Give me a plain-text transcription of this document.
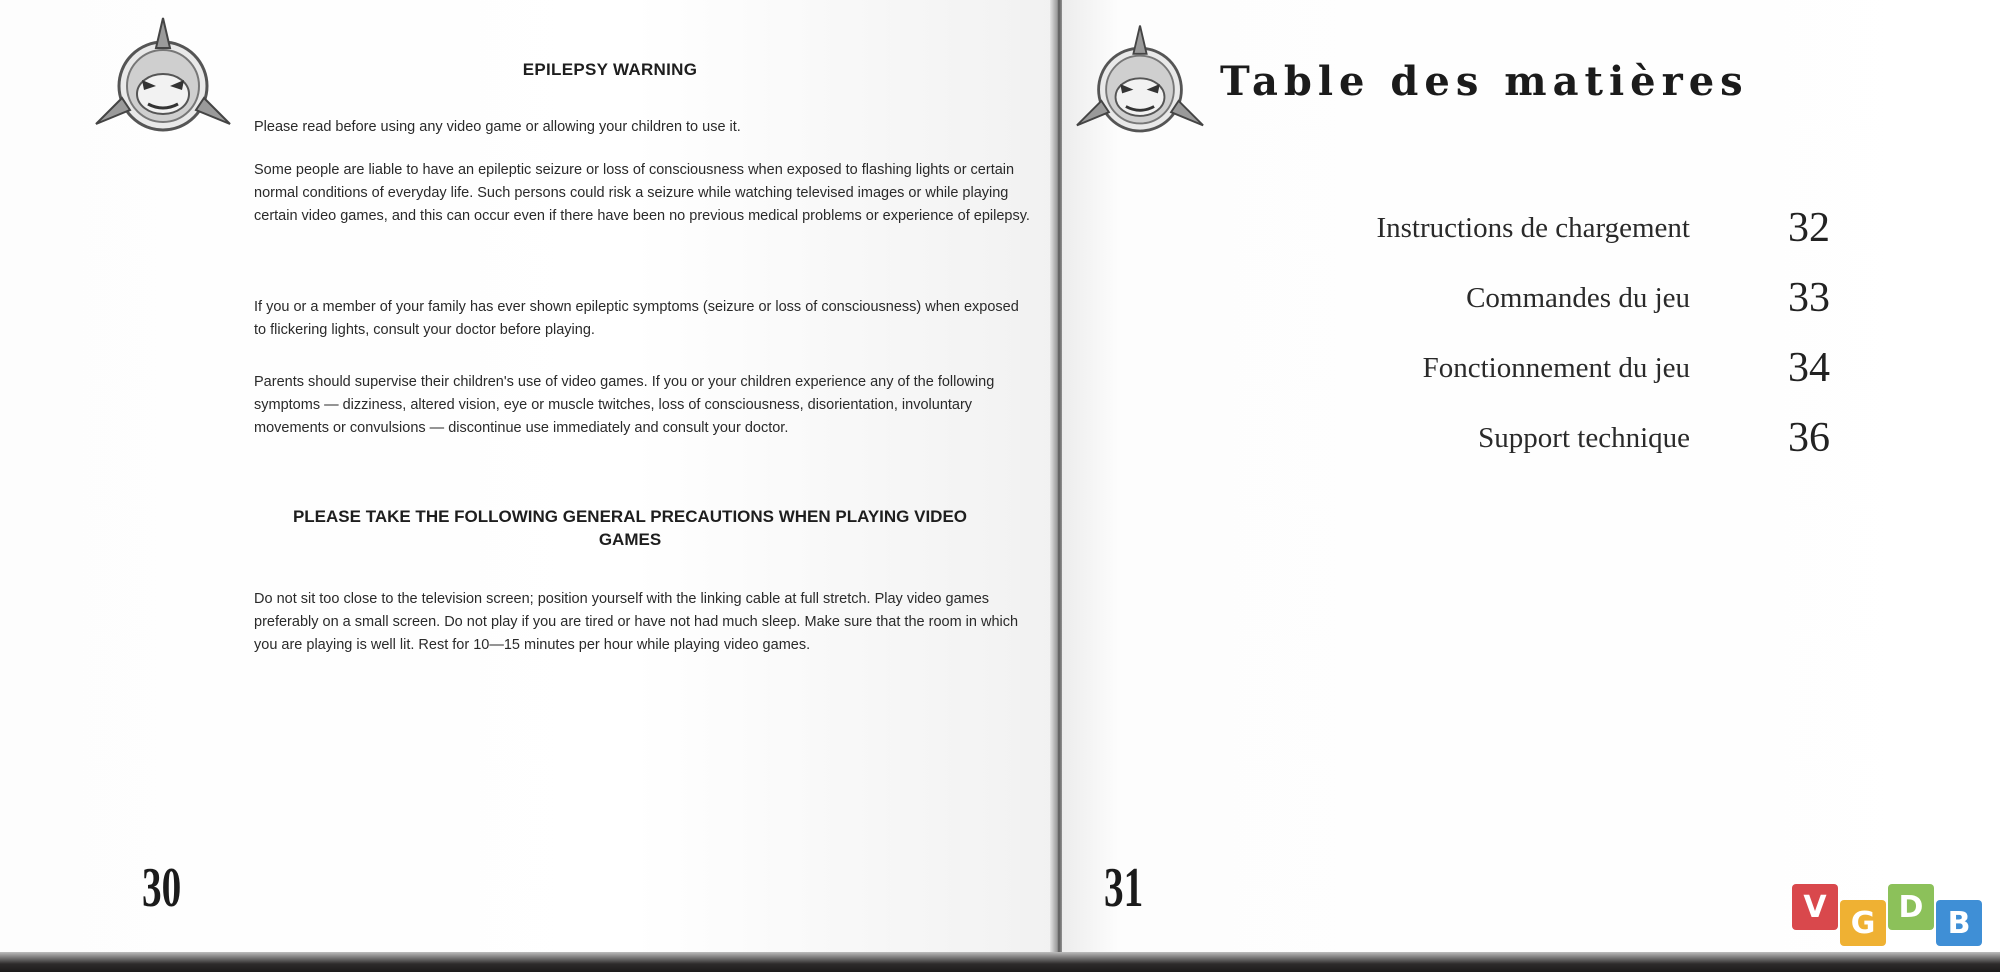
EPILEPSY WARNING

Please read before using any video game or allowing your children to use it.

Some people are liable to have an epileptic seizure or loss of consciousness when exposed to flashing lights or certain normal conditions of everyday life. Such persons could risk a seizure while watching televised images or while playing certain video games, and this can occur even if there have been no previous medical problems or experience of epilepsy.

If you or a member of your family has ever shown epileptic symptoms (seizure or loss of consciousness) when exposed to flickering lights, consult your doctor before playing.

Parents should supervise their children's use of video games. If you or your children experience any of the following symptoms — dizziness, altered vision, eye or muscle twitches, loss of consciousness, disorientation, involuntary movements or convulsions — discontinue use immediately and consult your doctor.

PLEASE TAKE THE FOLLOWING GENERAL PRECAUTIONS WHEN PLAYING VIDEO GAMES

Do not sit too close to the television screen; position yourself with the linking cable at full stretch. Play video games preferably on a small screen. Do not play if you are tired or have not had much sleep. Make sure that the room in which you are playing is well lit. Rest for 10—15 minutes per hour while playing video games.

30
Table des matières
Instructions de chargement 32
Commandes du jeu 33
Fonctionnement du jeu 34
Support technique 36
31	V G D B
